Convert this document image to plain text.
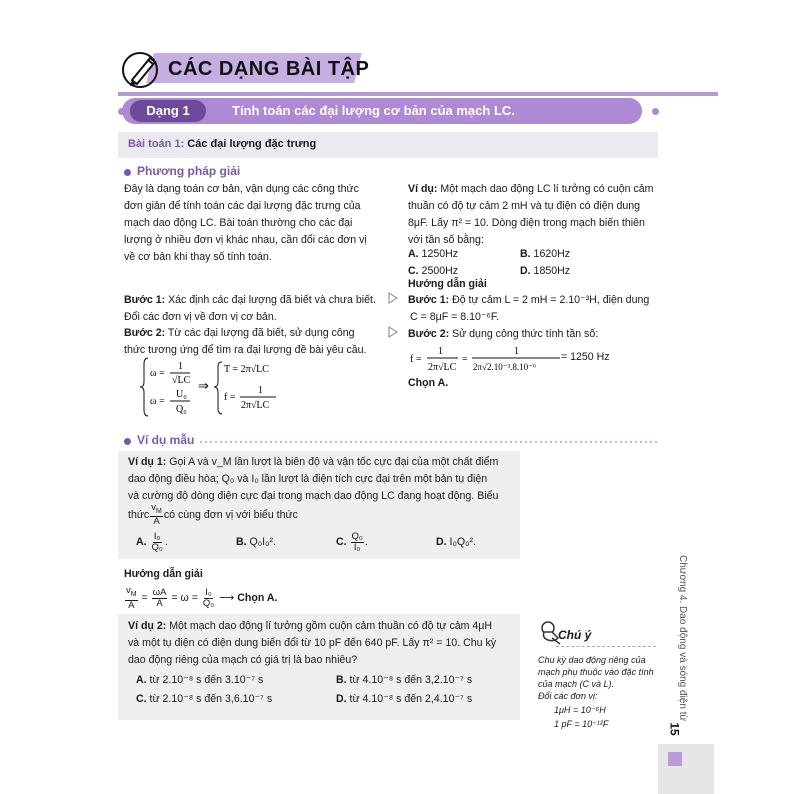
CÁC DẠNG BÀI TẬP
Dạng 1	Tính toán các đại lượng cơ bản của mạch LC.
Bài toán 1: Các đại lượng đặc trưng
Phương pháp giải
Đây là dạng toán cơ bản, vận dụng các công thức
đơn giản để tính toán các đại lượng đặc trưng của
mạch dao động LC. Bài toán thường cho các đại
lượng ở nhiều đơn vị khác nhau, cần đổi các đơn vị
về cơ bản khi thay số tính toán.
Bước 1: Xác định các đại lượng đã biết và chưa biết.
Đổi các đơn vị về đơn vị cơ bản.
Bước 2: Từ các đại lượng đã biết, sử dụng công
thức tương ứng để tìm ra đại lượng đề bài yêu cầu.
ω =
1
√LC
ω =
U₀
Q₀
⇒
T = 2π√LC
f =
1
2π√LC
Ví dụ: Một mạch dao động LC lí tưởng có cuộn cảm
thuần có độ tự cảm 2 mH và tụ điện có điện dung
8μF. Lấy π² = 10. Dòng điện trong mạch biến thiên
với tần số bằng:
A. 1250Hz	B. 1620Hz
C. 2500Hz	D. 1850Hz
Hướng dẫn giải
Bước 1: Độ tự cảm L = 2 mH = 2.10⁻³H, điện dung
C = 8μF = 8.10⁻⁶F.
Bước 2: Sử dụng công thức tính tần số:
f =
1
2π√LC
=
1
2π√2.10⁻³.8.10⁻⁶
= 1250 Hz
Chọn A.
Ví dụ mẫu
Ví dụ 1: Gọi A và v_M lần lượt là biên độ và vận tốc cực đại của một chất điểm
dao động điều hòa; Q₀ và I₀ lần lượt là điện tích cực đại trên một bản tụ điện
và cường độ dòng điện cực đại trong mạch dao động LC đang hoạt động. Biểu
thức $\frac{v_M}{A}$ có cùng đơn vị với biểu thức
A.
$\frac{\text{I₀}}{\text{Q₀}}$ .	B.
Q₀I₀².	C.
$\frac{\text{Q₀}}{\text{I₀}}$ .	D.
I₀Q₀².
Hướng dẫn giải
$\frac{v_M}{A} = \frac{\omega A}{A} = \omega = \frac{\text{I₀}}{\text{Q₀}}$ ⟶ Chọn A.
Ví dụ 2: Một mạch dao động lí tưởng gồm cuộn cảm thuần có độ tự cảm 4μH
và một tụ điện có điện dung biến đổi từ 10 pF đến 640 pF. Lấy π² = 10. Chu kỳ
dao động riêng của mạch có giá trị là bao nhiêu?
A. từ 2.10⁻⁸ s đến 3.10⁻⁷ s	B. từ 4.10⁻⁸ s đến 3,2.10⁻⁷ s
C. từ 2.10⁻⁸ s đến 3,6.10⁻⁷ s	D. từ 4.10⁻⁸ s đến 2,4.10⁻⁷ s
Chú ý
Chu kỳ dao động riêng của
mạch phụ thuộc vào đặc tính
của mạch (C và L).
Đổi các đơn vị:
1μH = 10⁻⁶H
1 pF = 10⁻¹²F
Chương 4. Dao động và sóng điện từ
15
